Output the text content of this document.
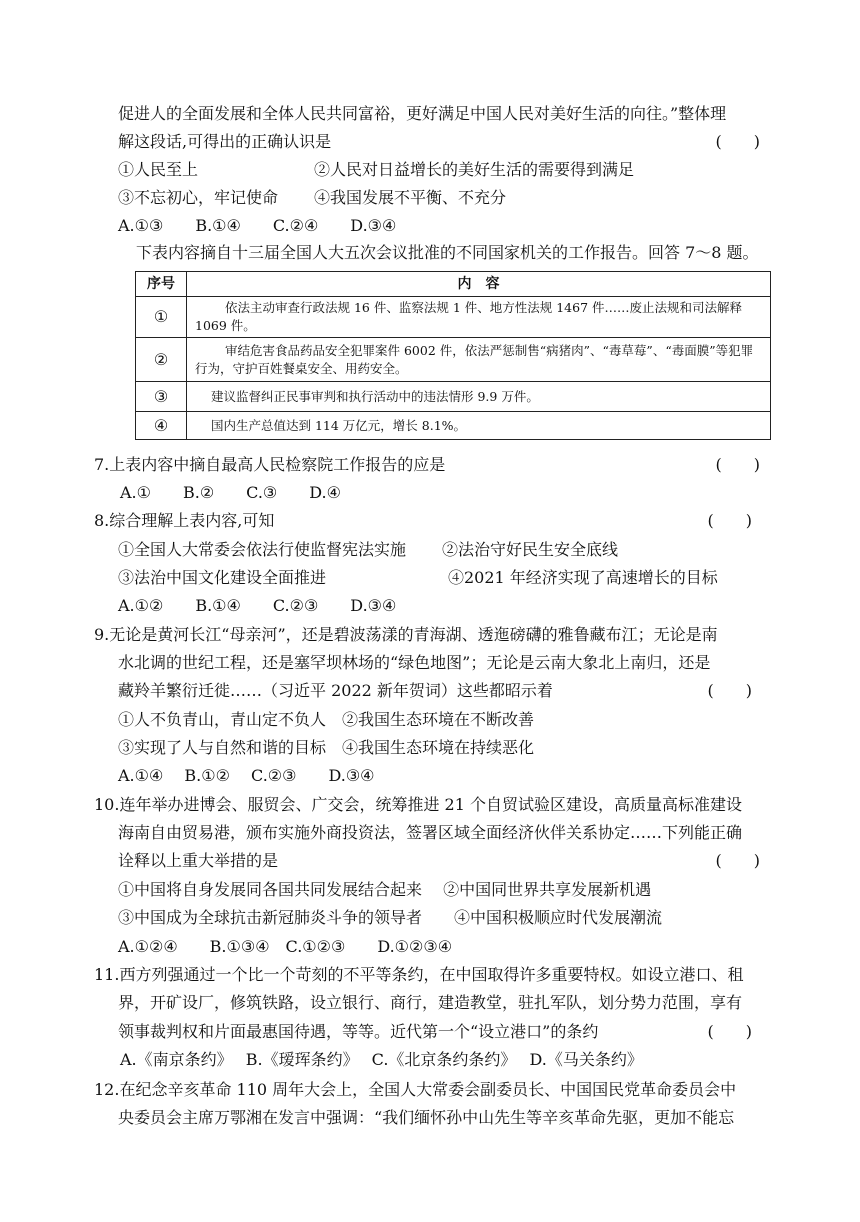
促进人的全面发展和全体人民共同富裕，更好满足中国人民对美好生活的向往。”整体理
解这段话,可得出的正确认识是	(　　)
①人民至上	②人民对日益增长的美好生活的需要得到满足
③不忘初心，牢记使命 ④我国发展不平衡、不充分
A.①③　　B.①④　　C.②④　　D.③④
下表内容摘自十三届全国人大五次会议批准的不同国家机关的工作报告。回答 7～8 题。
序号	内　容
①	依法主动审查行政法规 16 件、监察法规 1 件、地方性法规 1467 件……废止法规和司法解释 1069 件。
②	审结危害食品药品安全犯罪案件 6002 件，依法严惩制售“病猪肉”、“毒草莓”、“毒面膜”等犯罪行为，守护百姓餐桌安全、用药安全。
③	建议监督纠正民事审判和执行活动中的违法情形 9.9 万件。
④	国内生产总值达到 114 万亿元，增长 8.1%。
7.上表内容中摘自最高人民检察院工作报告的应是	(　　)
A.①　　B.②　　C.③　　D.④
8.综合理解上表内容,可知	(　　)
①全国人大常委会依法行使监督宪法实施 ②法治守好民生安全底线
③法治中国文化建设全面推进	④2021 年经济实现了高速增长的目标
A.①②　　B.①④　　C.②③　　D.③④
9.无论是黄河长江“母亲河”，还是碧波荡漾的青海湖、透迤磅礴的雅鲁藏布江；无论是南
水北调的世纪工程，还是塞罕坝林场的“绿色地图”；无论是云南大象北上南归，还是
藏羚羊繁衍迁徙……（习近平 2022 新年贺词）这些都昭示着	(　　)
①人不负青山，青山定不负人　②我国生态环境在不断改善
③实现了人与自然和谐的目标　④我国生态环境在持续恶化
A.①④　 B.①②　 C.②③　　D.③④
10.连年举办进博会、服贸会、广交会，统筹推进 21 个自贸试验区建设，高质量高标准建设
海南自由贸易港，颁布实施外商投资法，签署区域全面经济伙伴关系协定……下列能正确
诠释以上重大举措的是	(　　)
①中国将自身发展同各国共同发展结合起来　 ②中国同世界共享发展新机遇
③中国成为全球抗击新冠肺炎斗争的领导者　　④中国积极顺应时代发展潮流
A.①②④　　B.①③④　C.①②③　　D.①②③④
11.西方列强通过一个比一个苛刻的不平等条约，在中国取得许多重要特权。如设立港口、租
界，开矿设厂，修筑铁路，设立银行、商行，建造教堂，驻扎军队，划分势力范围，享有
领事裁判权和片面最惠国待遇，等等。近代第一个“设立港口”的条约	(　　)
A.《南京条约》　 B.《瑷珲条约》　 C.《北京条约条约》　 D.《马关条约》
12.在纪念辛亥革命 110 周年大会上，全国人大常委会副委员长、中国国民党革命委员会中
央委员会主席万鄂湘在发言中强调：“我们缅怀孙中山先生等辛亥革命先驱，更加不能忘
